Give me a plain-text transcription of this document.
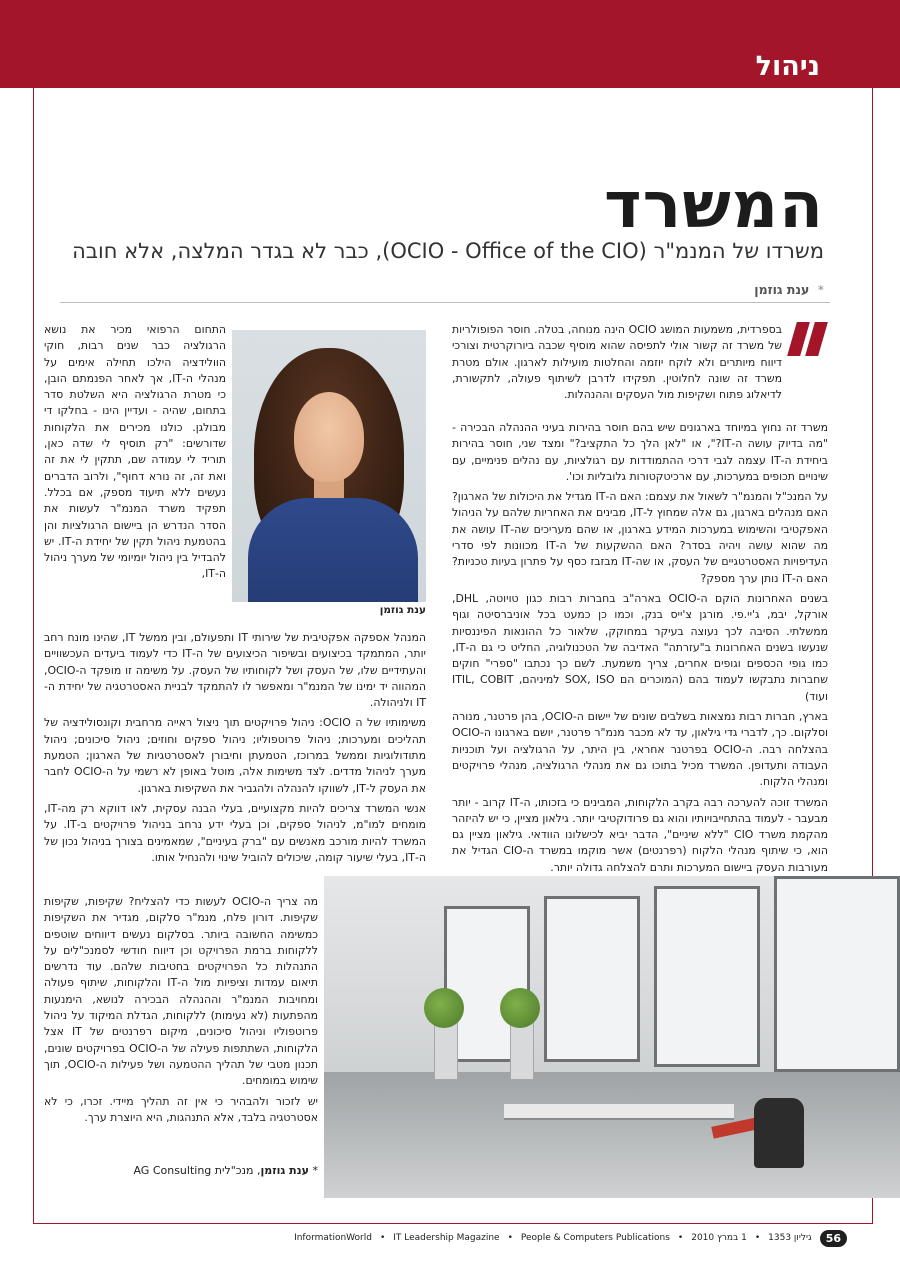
ניהול
המשרד
משרדו של המנמ"ר (OCIO - Office of the CIO), כבר לא בגדר המלצה, אלא חובה
* ענת גוזמן

בספרדית, משמעות המושג OCIO הינה מנוחה, בטלה. חוסר הפופולריות של משרד זה קשור אולי לתפיסה שהוא מוסיף שכבה ביורוקרטית וצורכי דיווח מיותרים ולא לוקח יוזמה והחלטות מועילות לארגון. אולם מטרת משרד זה שונה לחלוטין. תפקידו לדרבן לשיתוף פעולה, לתקשורת, לדיאלוג פתוח ושקיפות מול העסקים וההנהלות.

משרד זה נחוץ במיוחד בארגונים שיש בהם חוסר בהירות בעיני ההנהלה הבכירה - "מה בדיוק עושה ה-IT?", או "לאן הלך כל התקציב?" ומצד שני, חוסר בהירות ביחידת ה-IT עצמה לגבי דרכי ההתמודדות עם רגולציות, עם נהלים פנימיים, עם שינויים תכופים במערכות, עם ארכיטקטורות גלובליות וכו'.

על המנכ"ל והמנמ"ר לשאול את עצמם: האם ה-IT מגדיל את היכולות של הארגון? האם מנהלים בארגון, גם אלה שמחוץ ל-IT, מבינים את האחריות שלהם על הניהול האפקטיבי והשימוש במערכות המידע בארגון, או שהם מעריכים שה-IT עושה את מה שהוא עושה ויהיה בסדר? האם ההשקעות של ה-IT מכוונות לפי סדרי העדיפויות האסטרטגיים של העסק, או שה-IT מבזבז כסף על פתרון בעיות טכניות? האם ה-IT נותן ערך מספק?

בשנים האחרונות הוקם ה-OCIO בארה"ב בחברות רבות כגון טויוטה, DHL, אורקל, יבמ, ג'יי.פי. מורגן צ'ייס בנק, וכמו כן כמעט בכל אוניברסיטה וגוף ממשלתי. הסיבה לכך נעוצה בעיקר במחוקק, שלאור כל ההונאות הפיננסיות שנעשו בשנים האחרונות ב"עזרתה" האדיבה של הטכנולוגיה, החליט כי גם ה-IT, כמו גופי הכספים וגופים אחרים, צריך משמעת. לשם כך נכתבו "ספרי" חוקים שחברות נתבקשו לעמוד בהם (המוכרים הם SOX, ISO למיניהם, ITIL, COBIT ועוד)

בארץ, חברות רבות נמצאות בשלבים שונים של יישום ה-OCIO, בהן פרטנר, מנורה וסלקום. כך, לדברי גדי גילאון, עד לא מכבר מנמ"ר פרטנר, יושם בארגונו ה-OCIO בהצלחה רבה. ה-OCIO בפרטנר אחראי, בין היתר, על הרגולציה ועל תוכניות העבודה ותעדופן. המשרד מכיל בתוכו גם את מנהלי הרגולציה, מנהלי פרויקטים ומנהלי הלקוח.

המשרד זוכה להערכה רבה בקרב הלקוחות, המבינים כי בזכותו, ה-IT קרוב - יותר מבעבר - לעמוד בהתחייבויותיו והוא גם פרודוקטיבי יותר. גילאון מציין, כי יש להיזהר מהקמת משרד CIO "ללא שיניים", הדבר יביא לכישלונו הוודאי. גילאון מציין גם הוא, כי שיתוף מנהלי הלקוח (רפרנטים) אשר מוקמו במשרד ה-CIO הגדיל את מעורבות העסק ביישום המערכות ותרם להצלחה גדולה יותר.

ענת גוזמן

התחום הרפואי מכיר את נושא הרגולציה כבר שנים רבות, חוקי הוולידציה הילכו תחילה אימים על מנהלי ה-IT, אך לאחר הפנמתם הובן, כי מטרת הרגולציה היא השלטת סדר בתחום, שהיה - ועדיין הינו - בחלקו די מבולגן. כולנו מכירים את הלקוחות שדורשים: "רק תוסיף לי שדה כאן, תוריד לי עמודה שם, תתקין לי את זה ואת זה, זה נורא דחוף", ולרוב הדברים נעשים ללא תיעוד מספק, אם בכלל. תפקיד משרד המנמ"ר לעשות את הסדר הנדרש הן ביישום הרגולציות והן בהטמעת ניהול תקין של יחידת ה-IT. יש להבדיל בין ניהול יומיומי של מערך ניהול ה-IT,

המנהל אספקה אפקטיבית של שירותי IT ותפעולם, ובין ממשל IT, שהינו מונח רחב יותר, המתמקד בכיצועים ובשיפור הכיצועים של ה-IT כדי לעמוד ביעדים העכשוויים והעתידיים שלו, של העסק ושל לקוחותיו של העסק. על משימה זו מופקד ה-OCIO, המהווה יד ימינו של המנמ"ר ומאפשר לו להתמקד לבניית האסטרטגיה של יחידת ה-IT ולניהולה.

משימותיו של ה OCIO: ניהול פרויקטים תוך ניצול ראייה מרחבית וקונסולידציה של תהליכים ומערכות; ניהול פרוטפוליו; ניהול ספקים וחוזים; ניהול סיכונים; ניהול מתודולוגיות וממשל במרוכז, הטמעתן וחיבורן לאסטרטגיות של הארגון; הטמעת מערך לניהול מדדים. לצד משימות אלה, מוטל באופן לא רשמי על ה-OCIO לחבר את העסק ל-IT, לשווקו להנהלה ולהגביר את השקיפות בארגון.

אנשי המשרד צריכים להיות מקצועיים, בעלי הבנה עסקית, לאו דווקא רק מה-IT, מומחים למו"מ, לניהול ספקים, וכן בעלי ידע נרחב בניהול פרויקטים ב-IT. על המשרד להיות מורכב מאנשים עם "ברק בעיניים", שמאמינים בצורך בניהול נכון של ה-IT, בעלי שיעור קומה, שיכולים להוביל שינוי ולהנחיל אותו.

מה צריך ה-OCIO לעשות כדי להצליח? שקיפות, שקיפות שקיפות. דורון פלח, מנמ"ר סלקום, מגדיר את השקיפות כמשימה החשובה ביותר. בסלקום נעשים דיווחים שוטפים ללקוחות ברמת הפרויקט וכן דיווח חודשי לסמנכ"לים על התנהלות כל הפרויקטים בחטיבות שלהם. עוד נדרשים תיאום עמדות וציפיות מול ה-IT והלקוחות, שיתוף פעולה ומחויבות המנמ"ר וההנהלה הבכירה לנושא, הימנעות מהפתעות (לא נעימות) ללקוחות, הגדלת המיקוד על ניהול פרוטפוליו וניהול סיכונים, מיקום רפרנטים של IT אצל הלקוחות, השתתפות פעילה של ה-OCIO בפרויקטים שונים, תכנון מטבי של תהליך ההטמעה ושל פעילות ה-OCIO, תוך שימוש במומחים.

יש לזכור ולהבהיר כי אין זה תהליך מיידי. זכרו, כי לא אסטרטגיה בלבד, אלא התנהגות, היא היוצרת ערך.

* ענת גוזמן, מנכ"לית AG Consulting
56
גיליון 1353
•
1 במרץ 2010
•
People & Computers Publications
•
IT Leadership Magazine
•
InformationWorld
